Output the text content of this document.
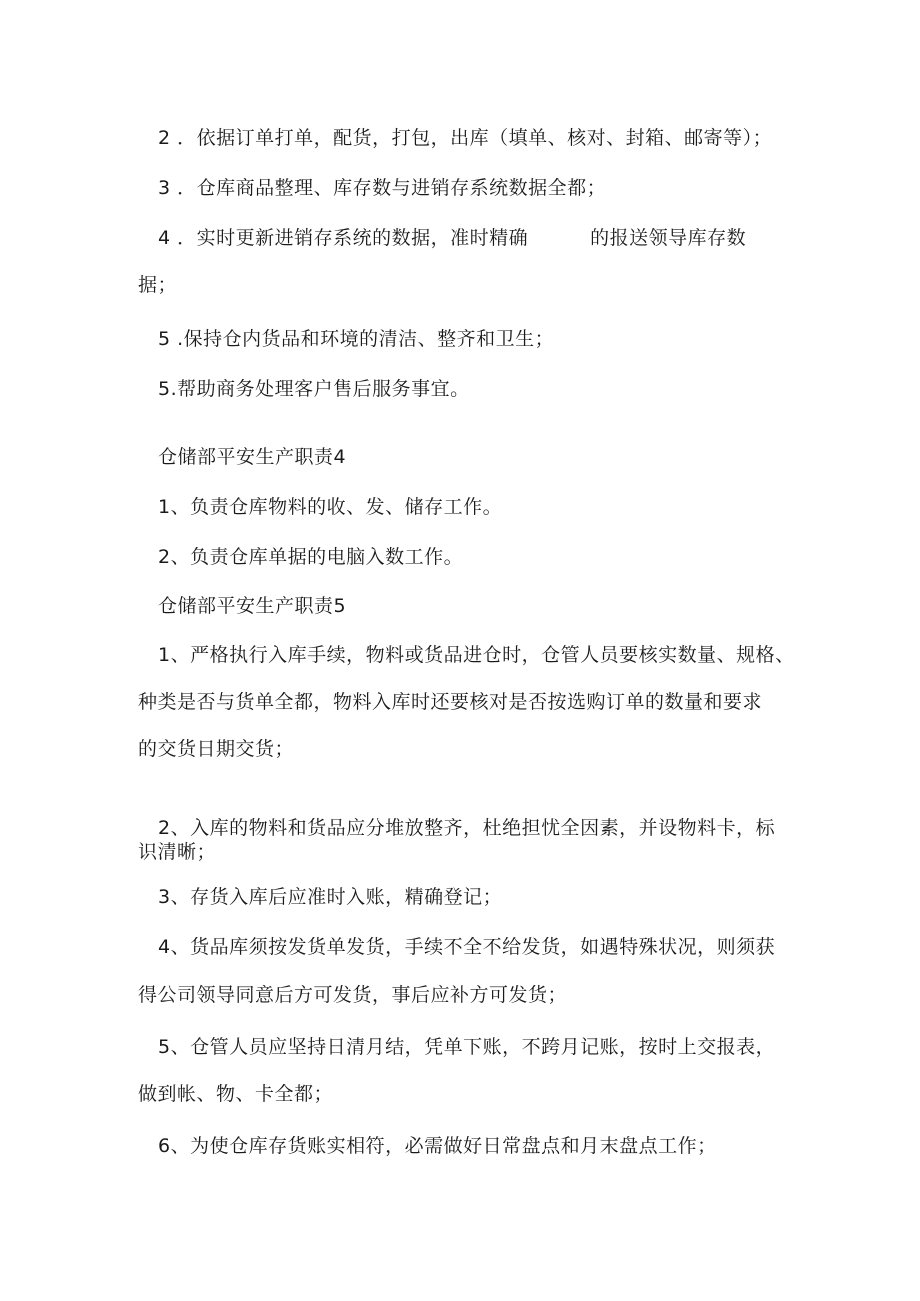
2 ．依据订单打单，配货，打包，出库（填单、核对、封箱、邮寄等）；
3 ．仓库商品整理、库存数与进销存系统数据全都；
4 ．实时更新进销存系统的数据，准时精确	的报送领导库存数
据；
5 .保持仓内货品和环境的清洁、整齐和卫生；
5.帮助商务处理客户售后服务事宜。
仓储部平安生产职责4
1、负责仓库物料的收、发、储存工作。
2、负责仓库单据的电脑入数工作。
仓储部平安生产职责5
1、严格执行入库手续，物料或货品进仓时，仓管人员要核实数量、规格、
种类是否与货单全都，物料入库时还要核对是否按选购订单的数量和要求
的交货日期交货；
2、入库的物料和货品应分堆放整齐，杜绝担忧全因素，并设物料卡，标
识清晰；
3、存货入库后应准时入账，精确登记；
4、货品库须按发货单发货，手续不全不给发货，如遇特殊状况，则须获
得公司领导同意后方可发货，事后应补方可发货；
5、仓管人员应坚持日清月结，凭单下账，不跨月记账，按时上交报表，
做到帐、物、卡全都；
6、为使仓库存货账实相符，必需做好日常盘点和月末盘点工作；
